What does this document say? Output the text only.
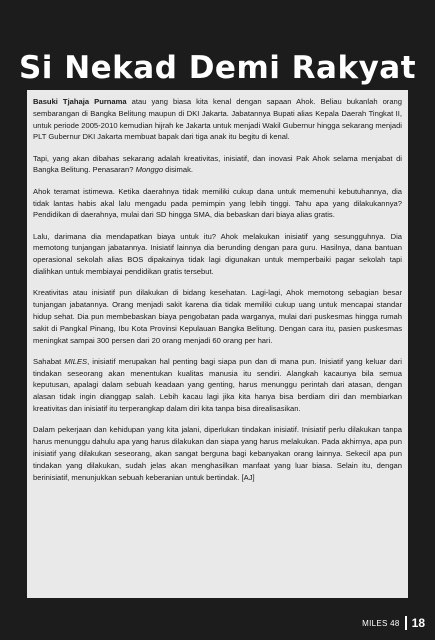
Si Nekad Demi Rakyat

Basuki Tjahaja Purnama atau yang biasa kita kenal dengan sapaan Ahok. Beliau bukanlah orang sembarangan di Bangka Belitung maupun di DKI Jakarta. Jabatannya Bupati alias Kepala Daerah Tingkat II, untuk periode 2005-2010 kemudian hijrah ke Jakarta untuk menjadi Wakil Gubernur hingga sekarang menjadi PLT Gubernur DKI Jakarta membuat bapak dari tiga anak itu begitu di kenal.

Tapi, yang akan dibahas sekarang adalah kreativitas, inisiatif, dan inovasi Pak Ahok selama menjabat di Bangka Belitung. Penasaran? Monggo disimak.

Ahok teramat istimewa. Ketika daerahnya tidak memiliki cukup dana untuk memenuhi kebutuhannya, dia tidak lantas habis akal lalu mengadu pada pemimpin yang lebih tinggi. Tahu apa yang dilakukannya? Pendidikan di daerahnya, mulai dari SD hingga SMA, dia bebaskan dari biaya alias gratis.

Lalu, darimana dia mendapatkan biaya untuk itu? Ahok melakukan inisiatif yang sesungguhnya. Dia memotong tunjangan jabatannya. Inisiatif lainnya dia berunding dengan para guru. Hasilnya, dana bantuan operasional sekolah alias BOS dipakainya tidak lagi digunakan untuk memperbaiki pagar sekolah tapi dialihkan untuk membiayai pendidikan gratis tersebut.

Kreativitas atau inisiatif pun dilakukan di bidang kesehatan. Lagi-lagi, Ahok memotong sebagian besar tunjangan jabatannya. Orang menjadi sakit karena dia tidak memiliki cukup uang untuk mencapai standar hidup sehat. Dia pun membebaskan biaya pengobatan pada warganya, mulai dari puskesmas hingga rumah sakit di Pangkal Pinang, Ibu Kota Provinsi Kepulauan Bangka Belitung. Dengan cara itu, pasien puskesmas meningkat sampai 300 persen dari 20 orang menjadi 60 orang per hari.

Sahabat MILES, inisiatif merupakan hal penting bagi siapa pun dan di mana pun. Inisiatif yang keluar dari tindakan seseorang akan menentukan kualitas manusia itu sendiri. Alangkah kacaunya bila semua keputusan, apalagi dalam sebuah keadaan yang genting, harus menunggu perintah dari atasan, dengan alasan tidak ingin dianggap salah. Lebih kacau lagi jika kita hanya bisa berdiam diri dan membiarkan kreativitas dan inisiatif itu terperangkap dalam diri kita tanpa bisa direalisasikan.

Dalam pekerjaan dan kehidupan yang kita jalani, diperlukan tindakan inisiatif. Inisiatif perlu dilakukan tanpa harus menunggu dahulu apa yang harus dilakukan dan siapa yang harus melakukan. Pada akhirnya, apa pun inisiatif yang dilakukan seseorang, akan sangat berguna bagi kebanyakan orang lainnya. Sekecil apa pun tindakan yang dilakukan, sudah jelas akan menghasilkan manfaat yang luar biasa. Selain itu, dengan berinisiatif, menunjukkan sebuah keberanian untuk bertindak. [AJ]

MILES 48 18
